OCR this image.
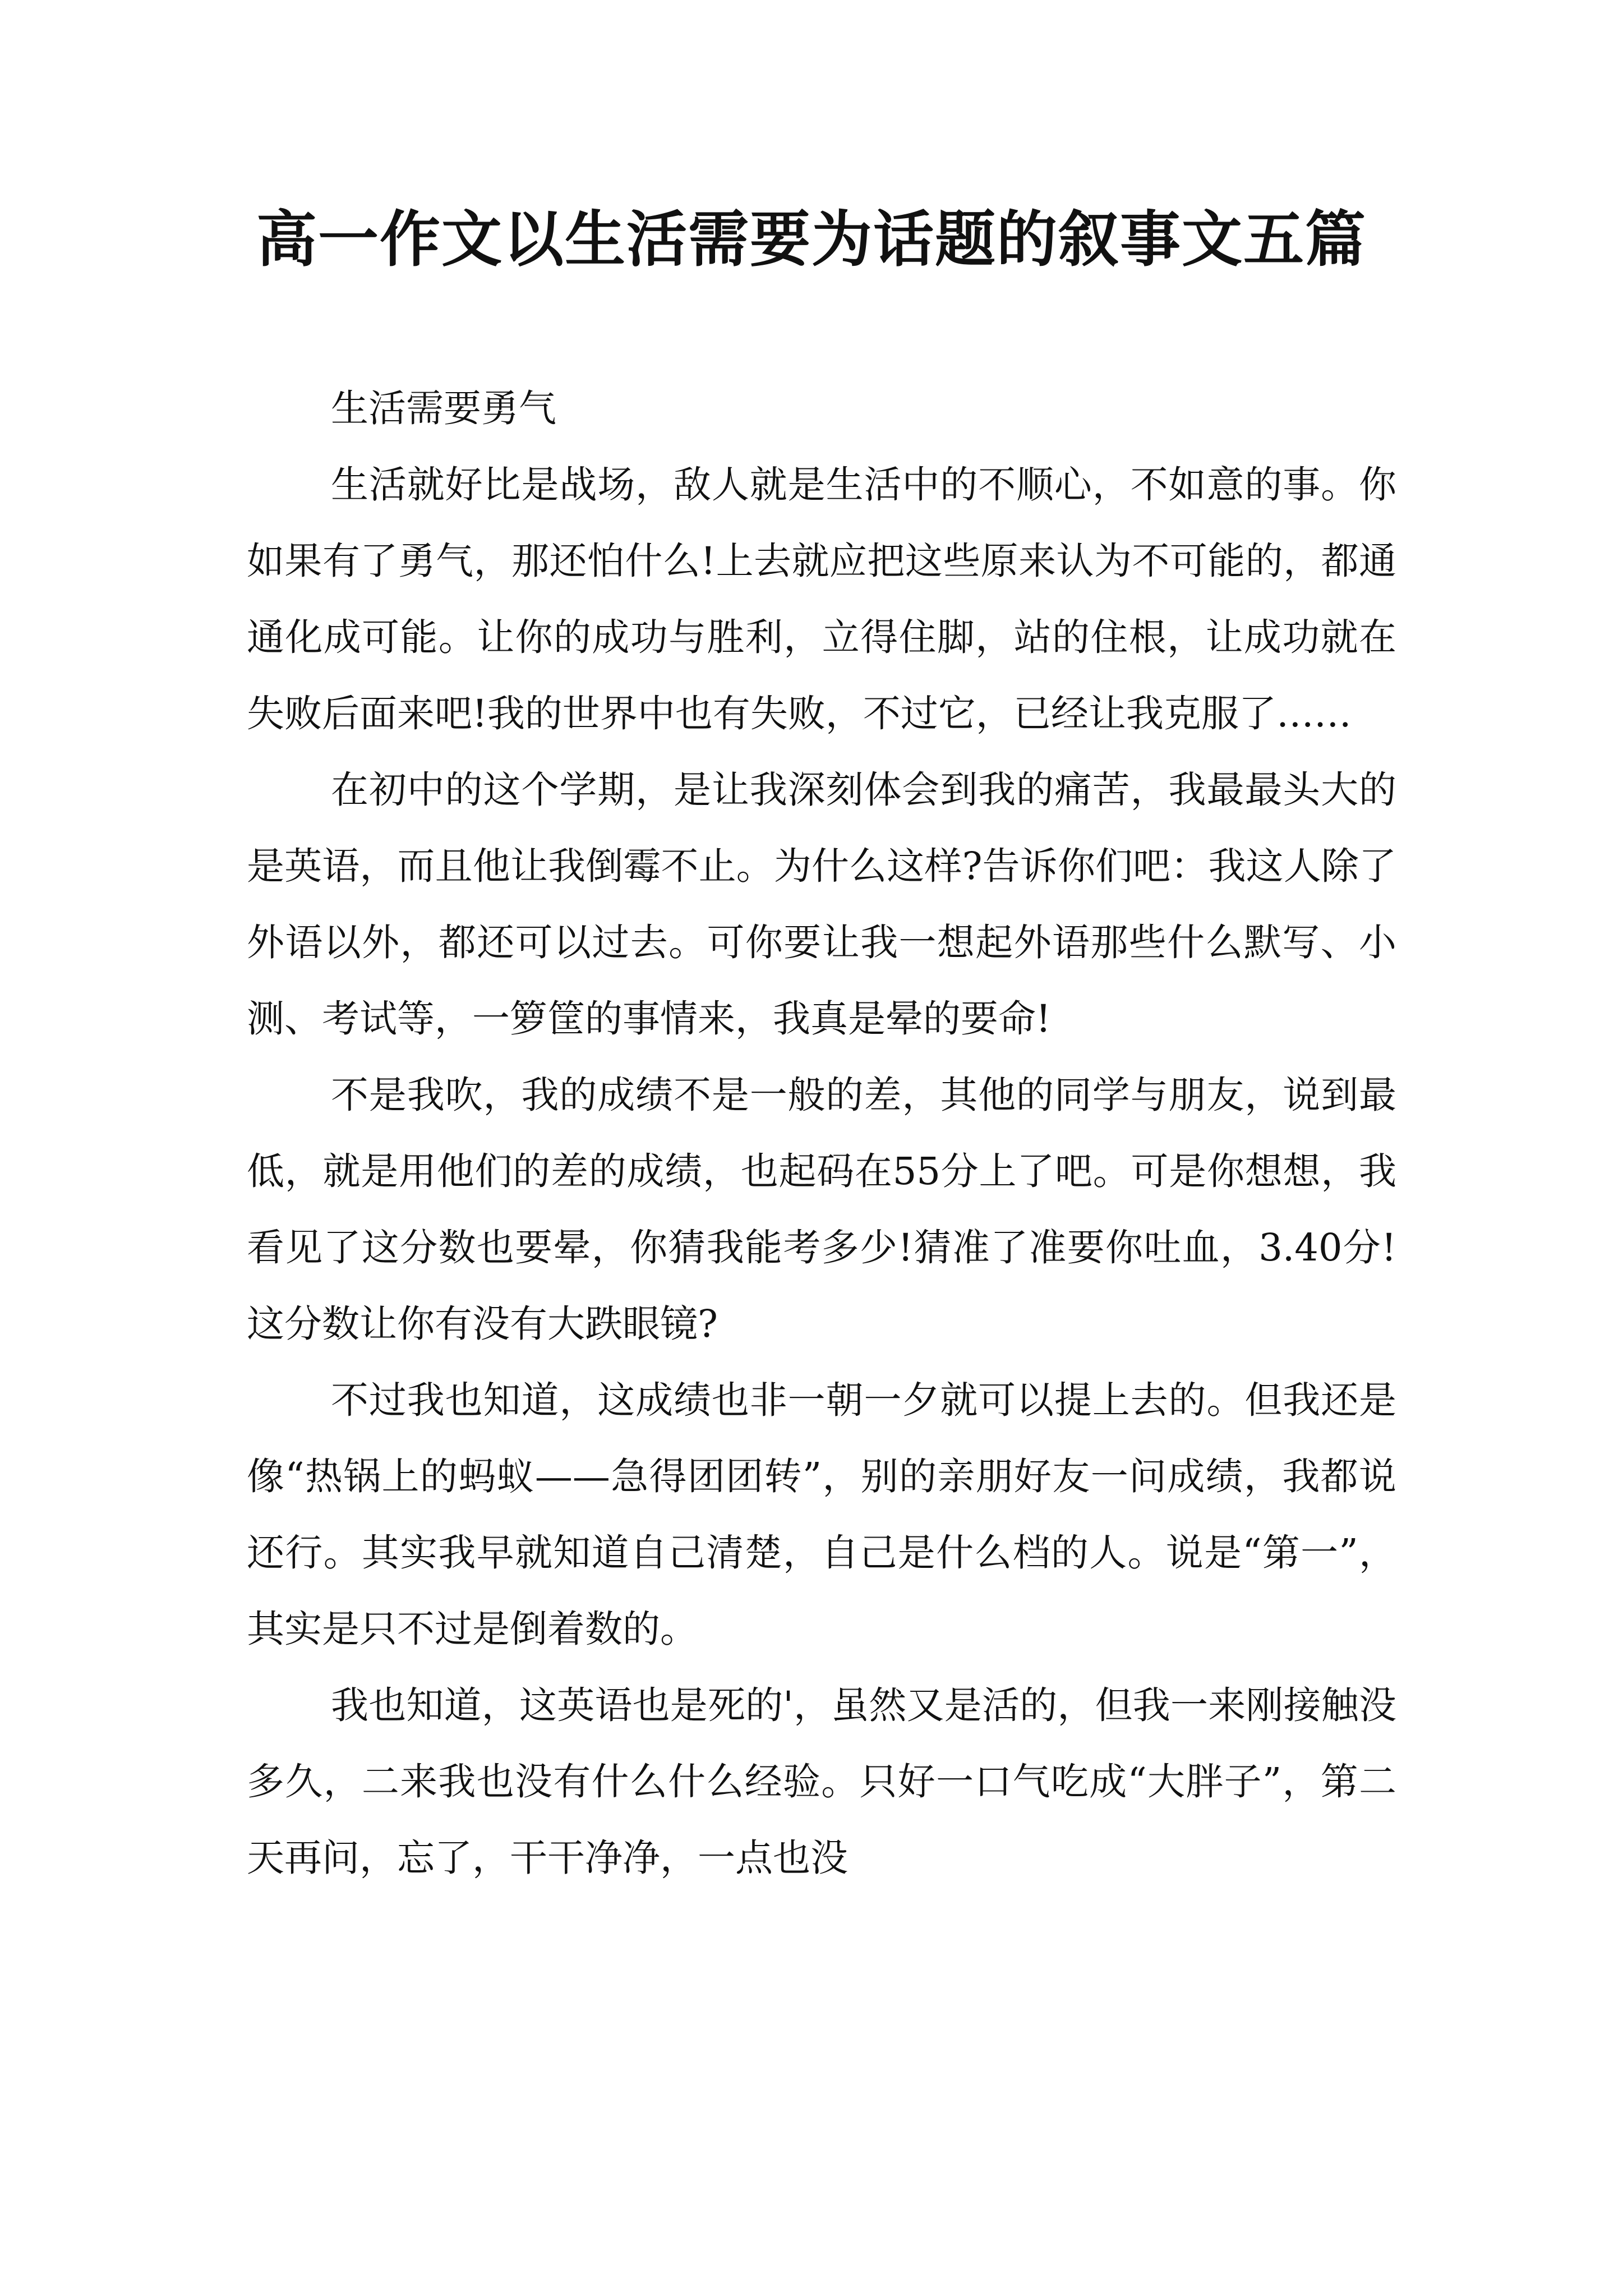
高一作文以生活需要为话题的叙事文五篇

生活需要勇气

生活就好比是战场，敌人就是生活中的不顺心，不如意的事。你如果有了勇气，那还怕什么!上去就应把这些原来认为不可能的，都通通化成可能。让你的成功与胜利，立得住脚，站的住根，让成功就在失败后面来吧!我的世界中也有失败，不过它，已经让我克服了……

在初中的这个学期，是让我深刻体会到我的痛苦，我最最头大的是英语，而且他让我倒霉不止。为什么这样?告诉你们吧：我这人除了外语以外，都还可以过去。可你要让我一想起外语那些什么默写、小测、考试等，一箩筐的事情来，我真是晕的要命!

不是我吹，我的成绩不是一般的差，其他的同学与朋友，说到最低，就是用他们的差的成绩，也起码在55分上了吧。可是你想想，我看见了这分数也要晕，你猜我能考多少!猜准了准要你吐血，3.40分!这分数让你有没有大跌眼镜?

不过我也知道，这成绩也非一朝一夕就可以提上去的。但我还是像“热锅上的蚂蚁——急得团团转”，别的亲朋好友一问成绩，我都说还行。其实我早就知道自己清楚，自己是什么档的人。说是“第一”，其实是只不过是倒着数的。

我也知道，这英语也是死的'，虽然又是活的，但我一来刚接触没多久，二来我也没有什么什么经验。只好一口气吃成“大胖子”，第二天再问，忘了，干干净净，一点也没
